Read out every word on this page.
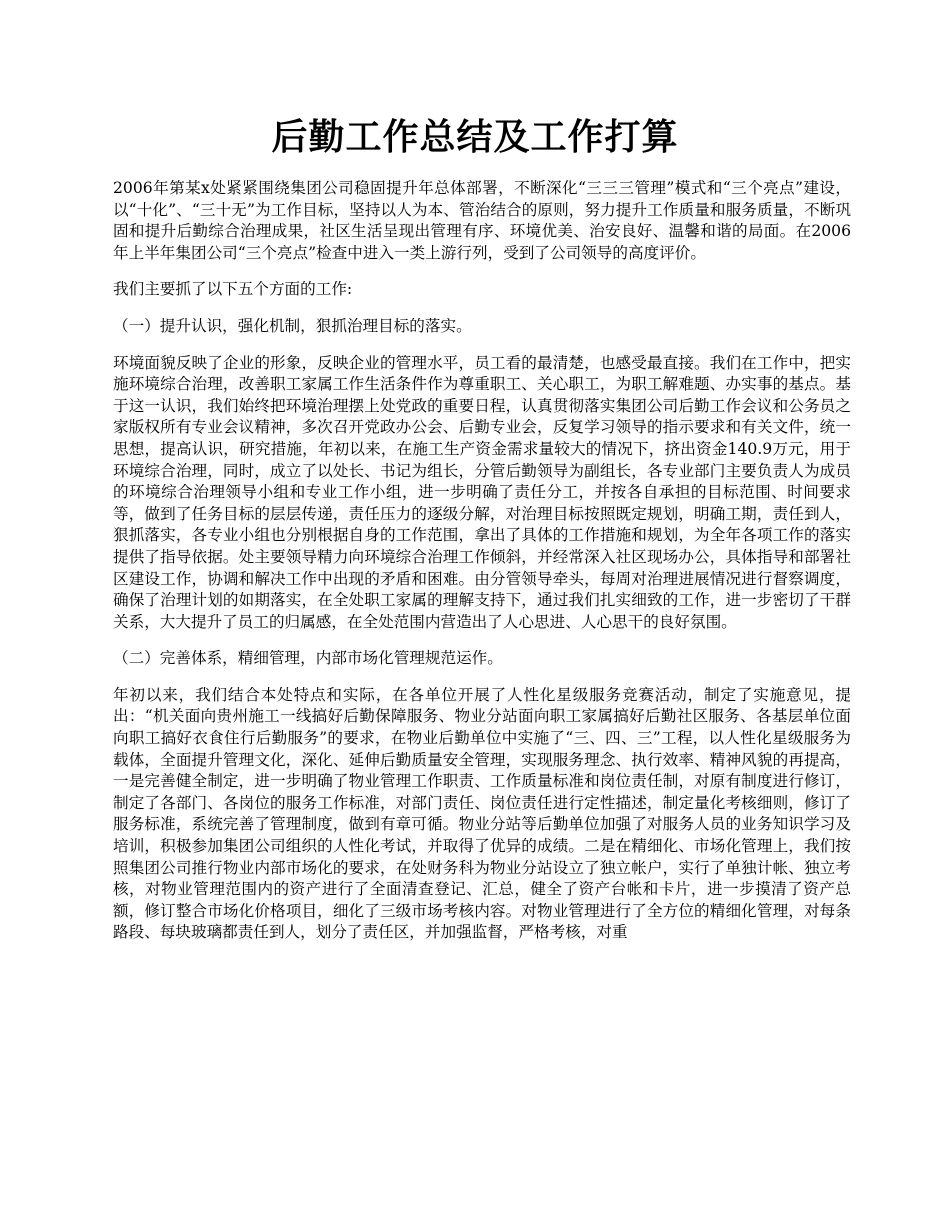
后勤工作总结及工作打算

2006年第某x处紧紧围绕集团公司稳固提升年总体部署，不断深化“三三三管理”模式和“三个亮点”建设，以“十化”、“三十无”为工作目标，坚持以人为本、管治结合的原则，努力提升工作质量和服务质量，不断巩固和提升后勤综合治理成果，社区生活呈现出管理有序、环境优美、治安良好、温馨和谐的局面。在2006年上半年集团公司“三个亮点”检查中进入一类上游行列，受到了公司领导的高度评价。

我们主要抓了以下五个方面的工作:

（一）提升认识，强化机制，狠抓治理目标的落实。

环境面貌反映了企业的形象，反映企业的管理水平，员工看的最清楚，也感受最直接。我们在工作中，把实施环境综合治理，改善职工家属工作生活条件作为尊重职工、关心职工，为职工解难题、办实事的基点。基于这一认识，我们始终把环境治理摆上处党政的重要日程，认真贯彻落实集团公司后勤工作会议和公务员之家版权所有专业会议精神，多次召开党政办公会、后勤专业会，反复学习领导的指示要求和有关文件，统一思想，提高认识，研究措施，年初以来，在施工生产资金需求量较大的情况下，挤出资金140.9万元，用于环境综合治理，同时，成立了以处长、书记为组长，分管后勤领导为副组长，各专业部门主要负责人为成员的环境综合治理领导小组和专业工作小组，进一步明确了责任分工，并按各自承担的目标范围、时间要求等，做到了任务目标的层层传递，责任压力的逐级分解，对治理目标按照既定规划，明确工期，责任到人，狠抓落实，各专业小组也分别根据自身的工作范围，拿出了具体的工作措施和规划，为全年各项工作的落实提供了指导依据。处主要领导精力向环境综合治理工作倾斜，并经常深入社区现场办公，具体指导和部署社区建设工作，协调和解决工作中出现的矛盾和困难。由分管领导牵头，每周对治理进展情况进行督察调度，确保了治理计划的如期落实，在全处职工家属的理解支持下，通过我们扎实细致的工作，进一步密切了干群关系，大大提升了员工的归属感，在全处范围内营造出了人心思进、人心思干的良好氛围。

（二）完善体系，精细管理，内部市场化管理规范运作。

年初以来，我们结合本处特点和实际，在各单位开展了人性化星级服务竞赛活动，制定了实施意见，提出：“机关面向贵州施工一线搞好后勤保障服务、物业分站面向职工家属搞好后勤社区服务、各基层单位面向职工搞好衣食住行后勤服务”的要求，在物业后勤单位中实施了“三、四、三”工程，以人性化星级服务为载体，全面提升管理文化，深化、延伸后勤质量安全管理，实现服务理念、执行效率、精神风貌的再提高，一是完善健全制定，进一步明确了物业管理工作职责、工作质量标准和岗位责任制，对原有制度进行修订，制定了各部门、各岗位的服务工作标准，对部门责任、岗位责任进行定性描述，制定量化考核细则，修订了服务标准，系统完善了管理制度，做到有章可循。物业分站等后勤单位加强了对服务人员的业务知识学习及培训，积极参加集团公司组织的人性化考试，并取得了优异的成绩。二是在精细化、市场化管理上，我们按照集团公司推行物业内部市场化的要求，在处财务科为物业分站设立了独立帐户，实行了单独计帐、独立考核，对物业管理范围内的资产进行了全面清查登记、汇总，健全了资产台帐和卡片，进一步摸清了资产总额，修订整合市场化价格项目，细化了三级市场考核内容。对物业管理进行了全方位的精细化管理，对每条路段、每块玻璃都责任到人，划分了责任区，并加强监督，严格考核，对重
